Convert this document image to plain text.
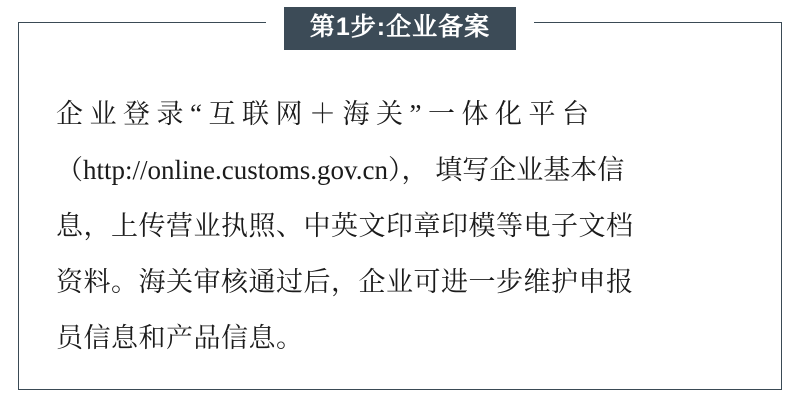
第1步:企业备案
企业登录“互联网＋海关”一体化平台
（http://online.customs.gov.cn）， 填写企业基本信
息，上传营业执照、中英文印章印模等电子文档
资料。海关审核通过后，企业可进一步维护申报
员信息和产品信息。
